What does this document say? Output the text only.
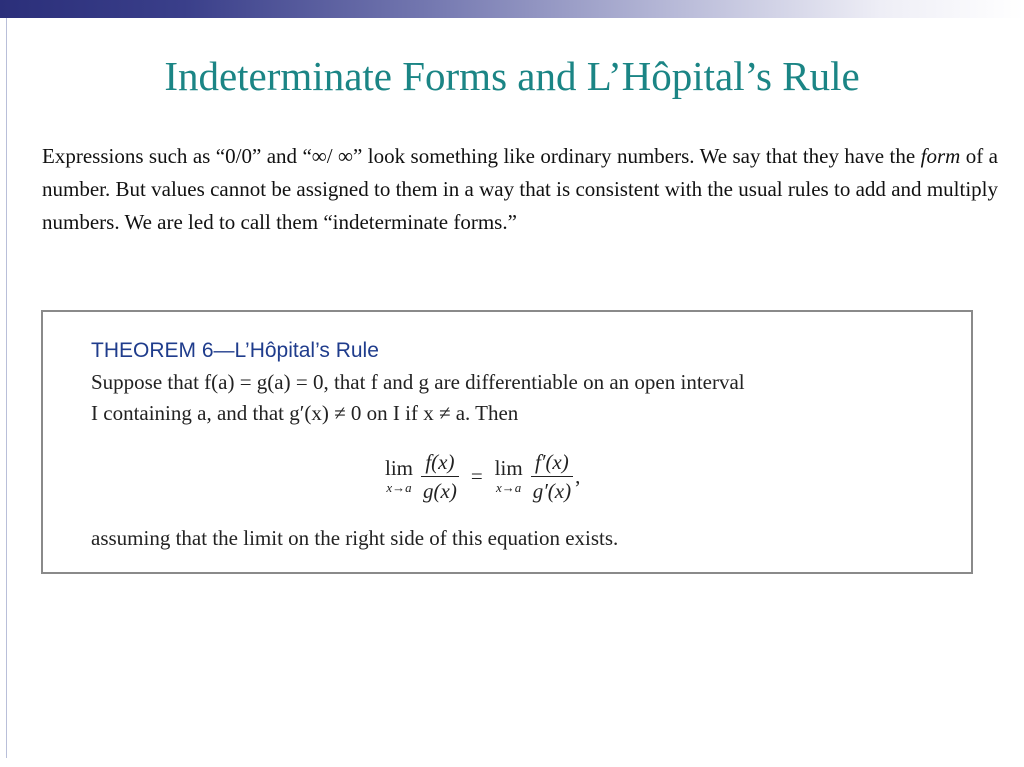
Indeterminate Forms and L’Hôpital’s Rule

Expressions such as “0/0” and “∞/ ∞” look something like ordinary numbers. We say that they have the form of a number. But values cannot be assigned to them in a way that is consistent with the usual rules to add and multiply numbers. We are led to call them “indeterminate forms.”

THEOREM 6—L’Hôpital’s Rule
Suppose that f(a) = g(a) = 0, that f and g are differentiable on an open interval
I containing a, and that g′(x) ≠ 0 on I if x ≠ a. Then
lim
$x\to a \frac{f(x)}{g(x)} = \lim$
$x\to a \frac{f'(x)}{g'(x)}$ ,
assuming that the limit on the right side of this equation exists.
